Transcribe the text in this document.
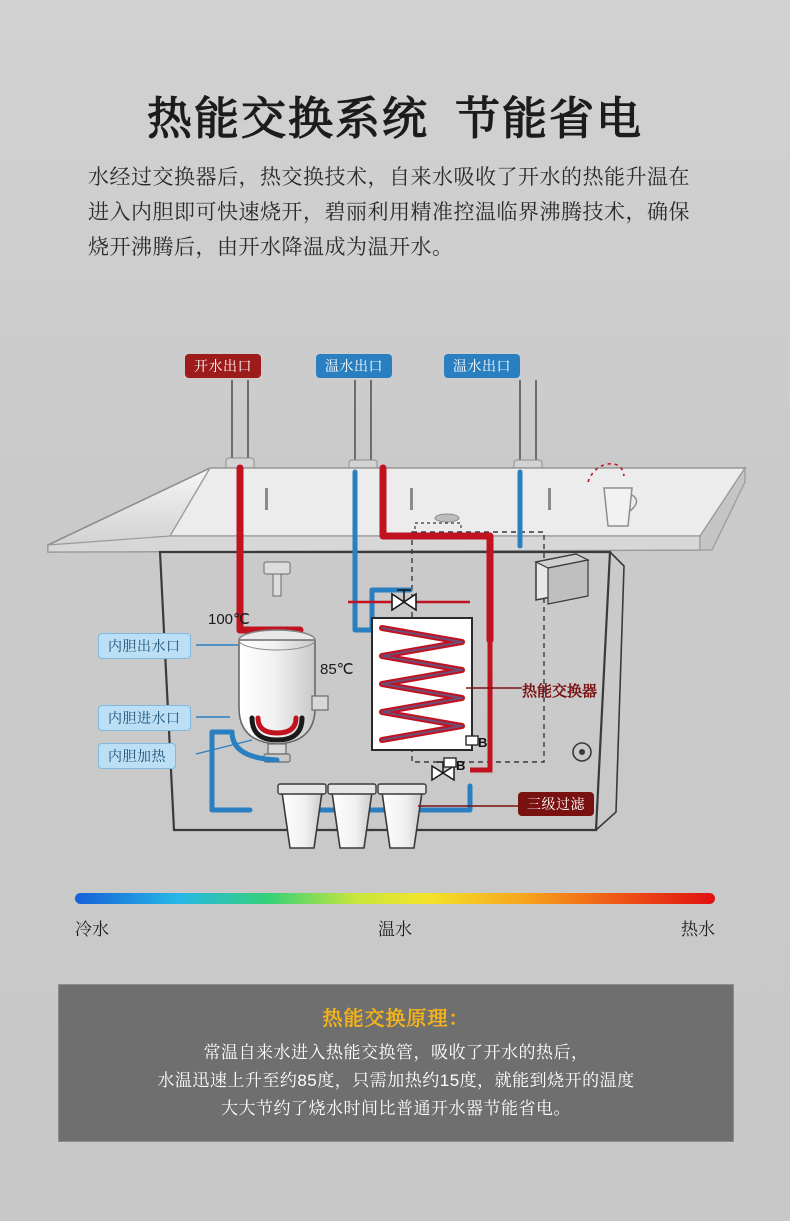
热能交换系统 节能省电
水经过交换器后，热交换技术，自来水吸收了开水的热能升温在进入内胆即可快速烧开，碧丽利用精准控温临界沸腾技术，确保烧开沸腾后，由开水降温成为温开水。
开水出口	温水出口	温水出口
内胆出水口
内胆进水口
内胆加热
热能交换器
三级过滤
100℃
85℃
B
B
冷水	温水	热水
热能交换原理：
常温自来水进入热能交换管，吸收了开水的热后，
水温迅速上升至约85度，只需加热约15度，就能到烧开的温度
大大节约了烧水时间比普通开水器节能省电。
